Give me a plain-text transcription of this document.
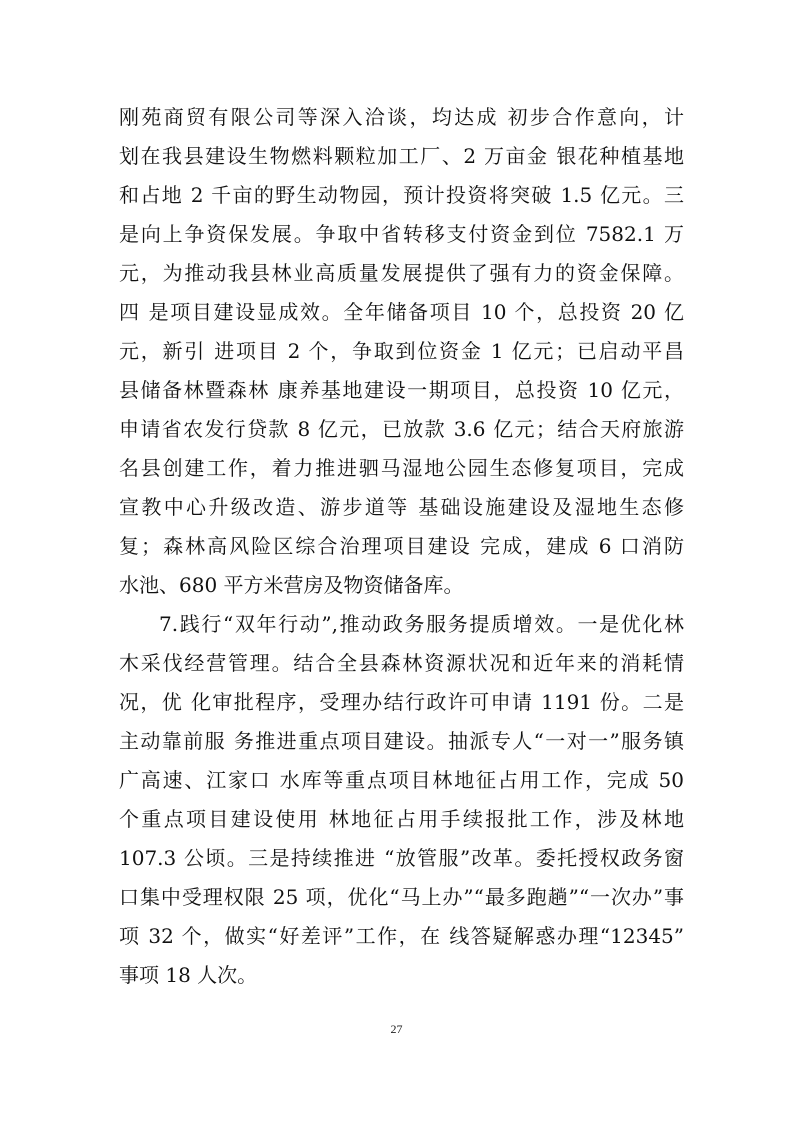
刚苑商贸有限公司等深入洽谈，均达成 初步合作意向，计
划在我县建设生物燃料颗粒加工厂、2 万亩金 银花种植基地
和占地 2 千亩的野生动物园，预计投资将突破 1.5 亿元。三
是向上争资保发展。争取中省转移支付资金到位 7582.1 万
元，为推动我县林业高质量发展提供了强有力的资金保障。
四 是项目建设显成效。全年储备项目 10 个，总投资 20 亿
元，新引 进项目 2 个，争取到位资金 1 亿元；已启动平昌
县储备林暨森林 康养基地建设一期项目，总投资 10 亿元，
申请省农发行贷款 8 亿元，已放款 3.6 亿元；结合天府旅游
名县创建工作，着力推进驷马湿地公园生态修复项目，完成
宣教中心升级改造、游步道等 基础设施建设及湿地生态修
复；森林高风险区综合治理项目建设 完成，建成 6 口消防
水池、680 平方米营房及物资储备库。
7.践行“双年行动”,推动政务服务提质增效。一是优化林
木采伐经营管理。结合全县森林资源状况和近年来的消耗情
况，优 化审批程序，受理办结行政许可申请 1191 份。二是
主动靠前服 务推进重点项目建设。抽派专人“一对一”服务镇
广高速、江家口 水库等重点项目林地征占用工作，完成 50
个重点项目建设使用 林地征占用手续报批工作，涉及林地
107.3 公顷。三是持续推进 “放管服”改革。委托授权政务窗
口集中受理权限 25 项，优化“马上办”“最多跑趟”“一次办”事
项 32 个，做实“好差评”工作，在 线答疑解惑办理“12345”
事项 18 人次。
27
